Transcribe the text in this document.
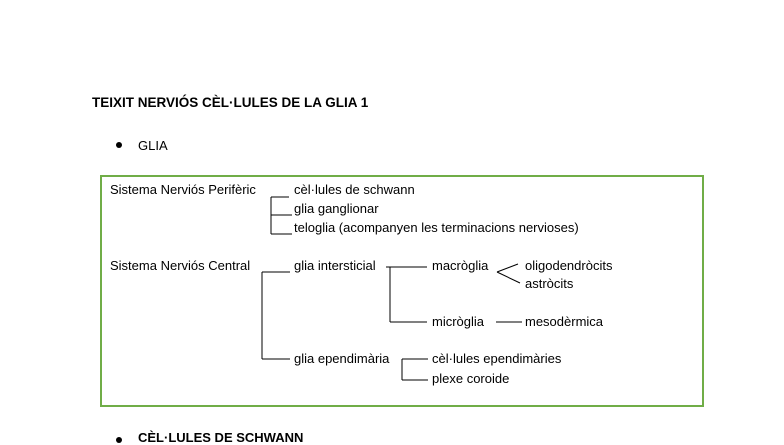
TEIXIT NERVIÓS CÈL·LULES DE LA GLIA 1
GLIA
Sistema Nerviós Perifèric	cèl·lules de schwann
glia ganglionar
teloglia (acompanyen les terminacions nervioses)
Sistema Nerviós Central	glia intersticial	macròglia	oligodendròcits
astròcits
micròglia	mesodèrmica
glia ependimària	cèl·lules ependimàries
plexe coroide
CÈL·LULES DE SCHWANN
